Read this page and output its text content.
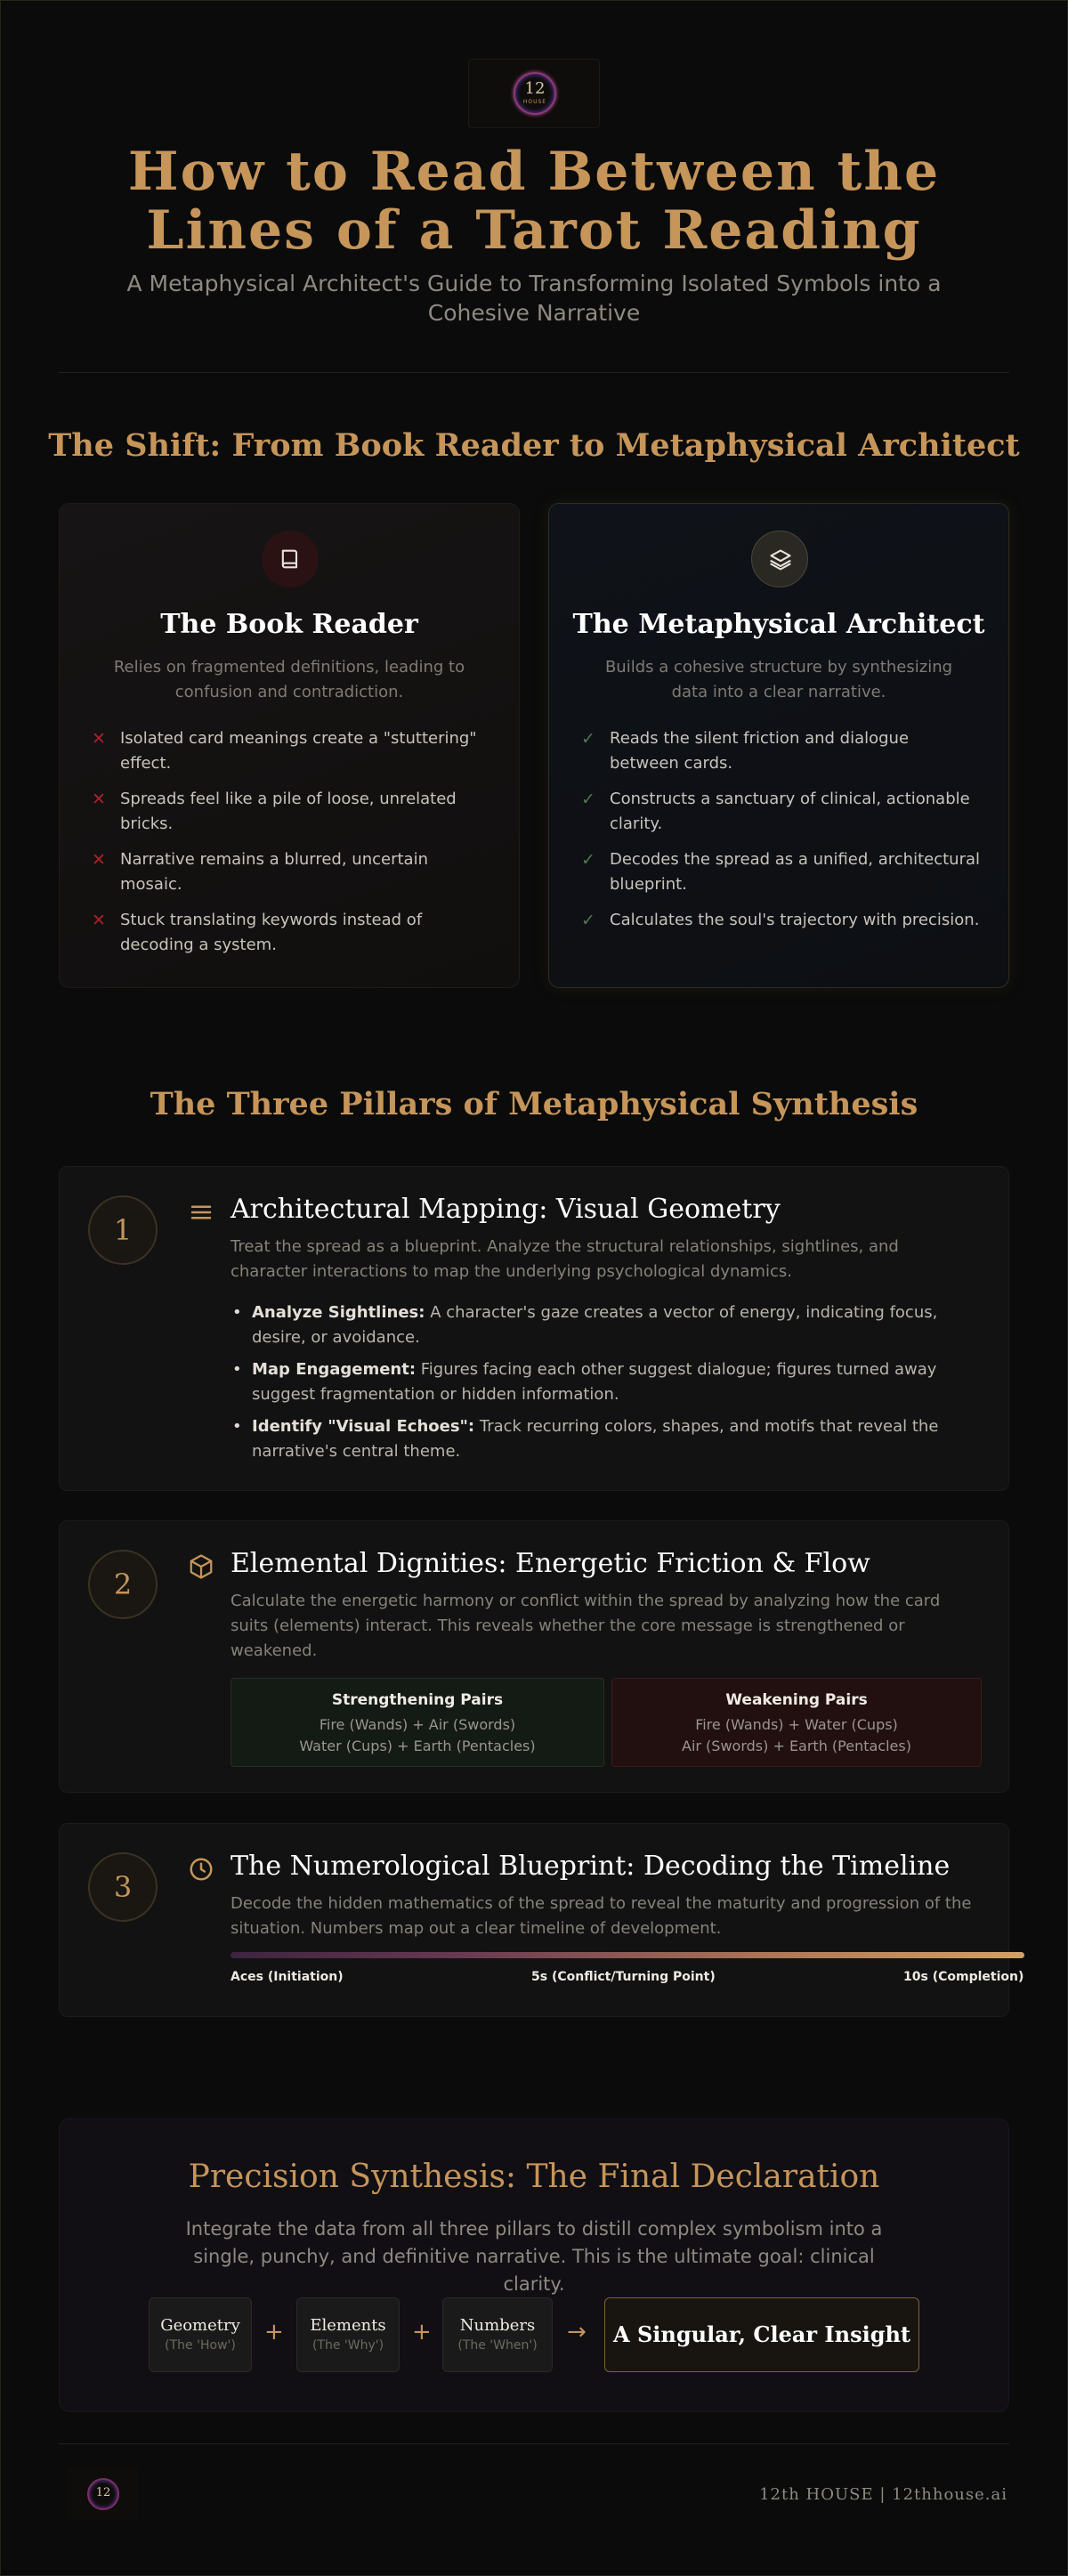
12
HOUSE
How to Read Between the Lines of a Tarot Reading

A Metaphysical Architect's Guide to Transforming Isolated Symbols into a Cohesive Narrative

The Shift: From Book Reader to Metaphysical Architect
The Book Reader

Relies on fragmented definitions, leading to confusion and contradiction.

✕ Isolated card meanings create a "stuttering" effect.
✕ Spreads feel like a pile of loose, unrelated bricks.
✕ Narrative remains a blurred, uncertain mosaic.
✕ Stuck translating keywords instead of decoding a system.
The Metaphysical Architect

Builds a cohesive structure by synthesizing data into a clear narrative.

✓ Reads the silent friction and dialogue between cards.
✓ Constructs a sanctuary of clinical, actionable clarity.
✓ Decodes the spread as a unified, architectural blueprint.
✓ Calculates the soul's trajectory with precision.
The Three Pillars of Metaphysical Synthesis
1
Architectural Mapping: Visual Geometry

Treat the spread as a blueprint. Analyze the structural relationships, sightlines, and character interactions to map the underlying psychological dynamics.

• Analyze Sightlines: A character's gaze creates a vector of energy, indicating focus, desire, or avoidance.
• Map Engagement: Figures facing each other suggest dialogue; figures turned away suggest fragmentation or hidden information.
• Identify "Visual Echoes": Track recurring colors, shapes, and motifs that reveal the narrative's central theme.
2
Elemental Dignities: Energetic Friction & Flow

Calculate the energetic harmony or conflict within the spread by analyzing how the card suits (elements) interact. This reveals whether the core message is strengthened or weakened.

Strengthening Pairs
Fire (Wands) + Air (Swords)
Water (Cups) + Earth (Pentacles)
Weakening Pairs
Fire (Wands) + Water (Cups)
Air (Swords) + Earth (Pentacles)
3
The Numerological Blueprint: Decoding the Timeline

Decode the hidden mathematics of the spread to reveal the maturity and progression of the situation. Numbers map out a clear timeline of development.

Aces (Initiation)	5s (Conflict/Turning Point)	10s (Completion)
Precision Synthesis: The Final Declaration

Integrate the data from all three pillars to distill complex symbolism into a single, punchy, and definitive narrative. This is the ultimate goal: clinical clarity.

Geometry
(The 'How')	+	Elements
(The 'Why')	+	Numbers
(The 'When')	→	A Singular, Clear Insight
12	12th HOUSE | 12thhouse.ai
